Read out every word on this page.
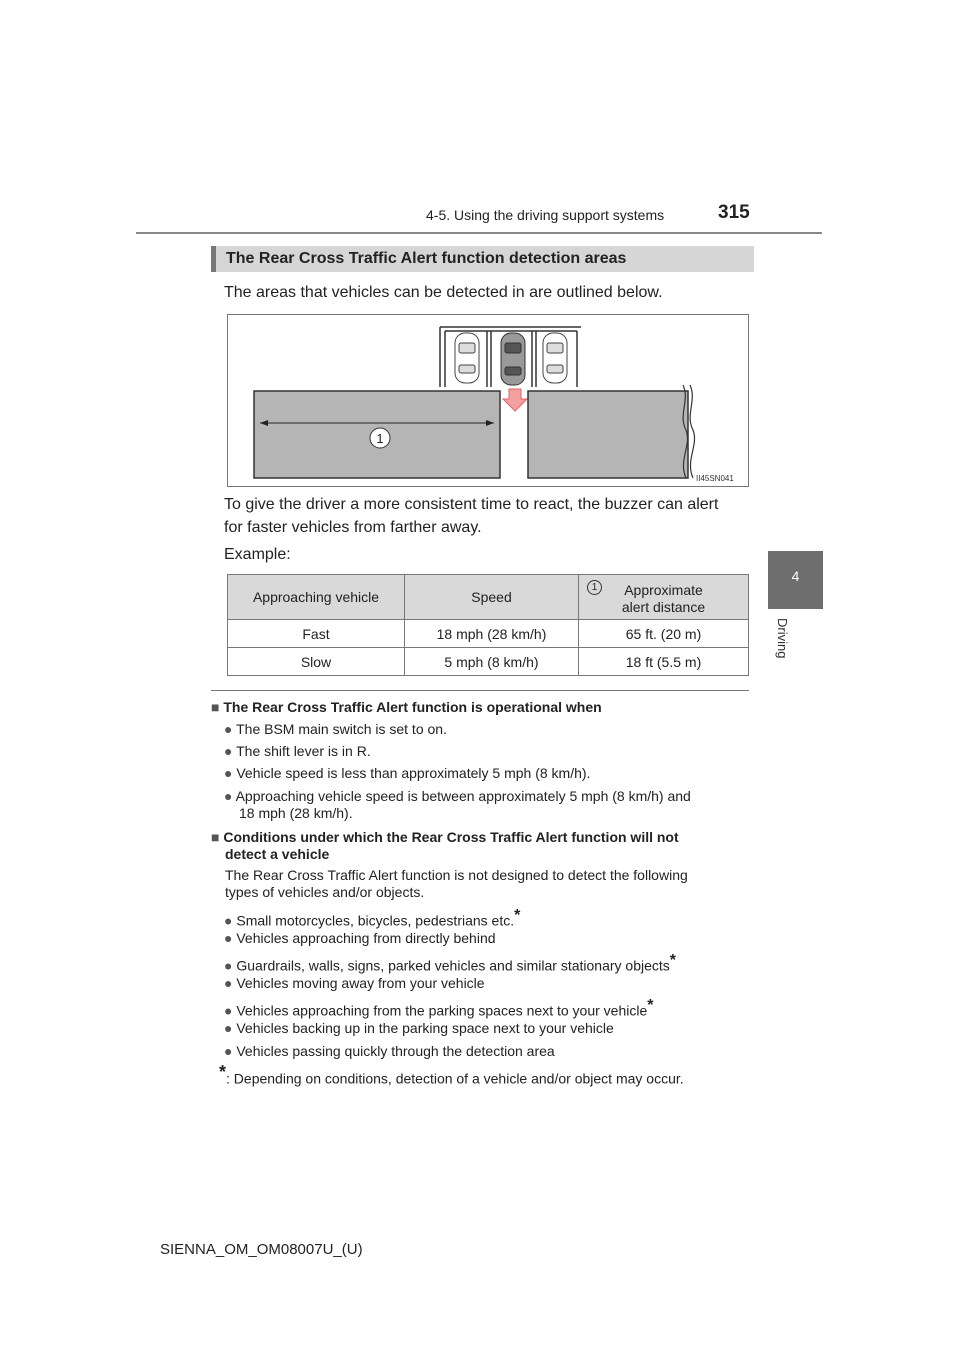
4-5. Using the driving support systems	315
4
Driving
The Rear Cross Traffic Alert function detection areas
The areas that vehicles can be detected in are outlined below.
1
II45SN041
To give the driver a more consistent time to react, the buzzer can alert
for faster vehicles from farther away.
Example:
Approaching vehicle	Speed	1 Approximate
alert distance

Fast	18 mph (28 km/h)	65 ft. (20 m)
Slow	5 mph (8 km/h)	18 ft (5.5 m)
■ The Rear Cross Traffic Alert function is operational when
● The BSM main switch is set to on.
● The shift lever is in R.
● Vehicle speed is less than approximately 5 mph (8 km/h).
● Approaching vehicle speed is between approximately 5 mph (8 km/h) and
18 mph (28 km/h).
■ Conditions under which the Rear Cross Traffic Alert function will not
detect a vehicle
The Rear Cross Traffic Alert function is not designed to detect the following
types of vehicles and/or objects.
● Small motorcycles, bicycles, pedestrians etc.*
● Vehicles approaching from directly behind
● Guardrails, walls, signs, parked vehicles and similar stationary objects*
● Vehicles moving away from your vehicle
● Vehicles approaching from the parking spaces next to your vehicle*
● Vehicles backing up in the parking space next to your vehicle
● Vehicles passing quickly through the detection area
*: Depending on conditions, detection of a vehicle and/or object may occur.
SIENNA_OM_OM08007U_(U)
